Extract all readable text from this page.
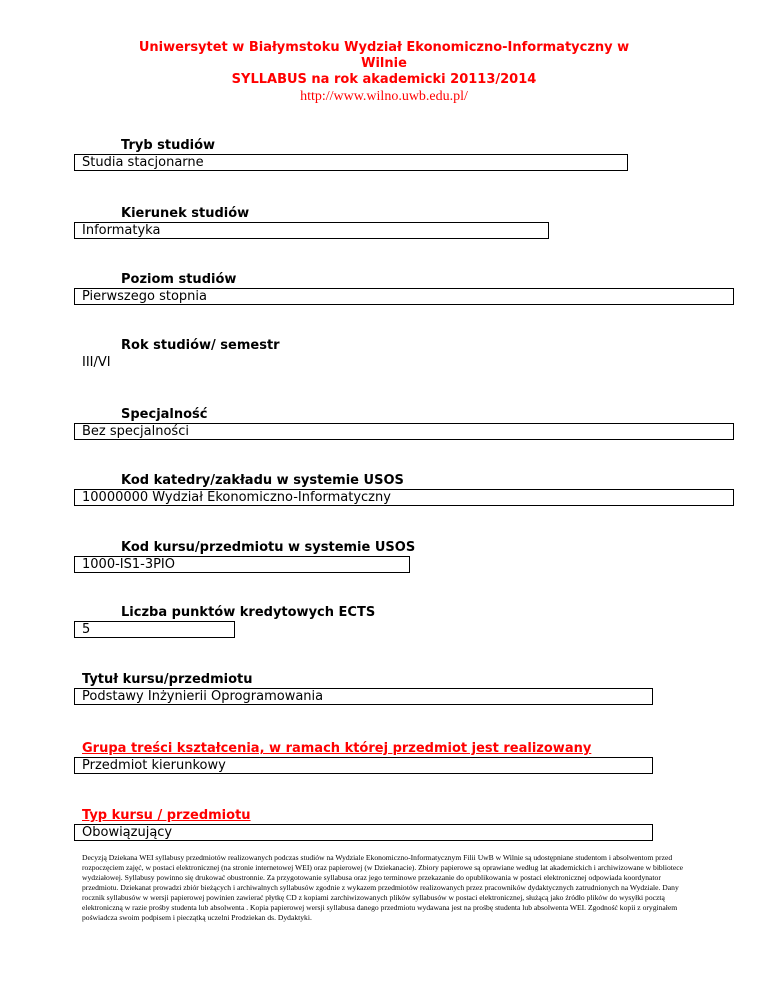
Uniwersytet w Białymstoku Wydział Ekonomiczno-Informatyczny w
Wilnie
SYLLABUS na rok akademicki 20113/2014
http://www.wilno.uwb.edu.pl/
Tryb studiów
Studia stacjonarne
Kierunek studiów
Informatyka
Poziom studiów
Pierwszego stopnia
Rok studiów/ semestr
III/VI
Specjalność
Bez specjalności
Kod katedry/zakładu w systemie USOS
10000000 Wydział Ekonomiczno-Informatyczny
Kod kursu/przedmiotu w systemie USOS
1000-IS1-3PIO
Liczba punktów kredytowych ECTS
5
Tytuł kursu/przedmiotu
Podstawy Inżynierii Oprogramowania
Grupa treści kształcenia, w ramach której przedmiot jest realizowany
Przedmiot kierunkowy
Typ kursu / przedmiotu
Obowiązujący
Decyzją Dziekana WEI syllabusy przedmiotów realizowanych podczas studiów na Wydziale Ekonomiczno-Informatycznym Filii UwB w Wilnie są udostępniane studentom i absolwentom przed rozpoczęciem zajęć, w postaci elektronicznej (na stronie internetowej WEI) oraz papierowej (w Dziekanacie). Zbiory papierowe są oprawiane według lat akademickich i archiwizowane w bibliotece wydziałowej. Syllabusy powinno się drukować obustronnie. Za przygotowanie syllabusa oraz jego terminowe przekazanie do opublikowania w postaci elektronicznej odpowiada koordynator przedmiotu. Dziekanat prowadzi zbiór bieżących i archiwalnych syllabusów zgodnie z wykazem przedmiotów realizowanych przez pracowników dydaktycznych zatrudnionych na Wydziale. Dany rocznik syllabusów w wersji papierowej powinien zawierać płytkę CD z kopiami zarchiwizowanych plików syllabusów w postaci elektronicznej, służącą jako źródło plików do wysyłki pocztą elektroniczną w razie prośby studenta lub absolwenta . Kopia papierowej wersji syllabusa danego przedmiotu wydawana jest na prośbę studenta lub absolwenta WEI. Zgodność kopii z oryginałem poświadcza swoim podpisem i pieczątką uczelni Prodziekan ds. Dydaktyki.
